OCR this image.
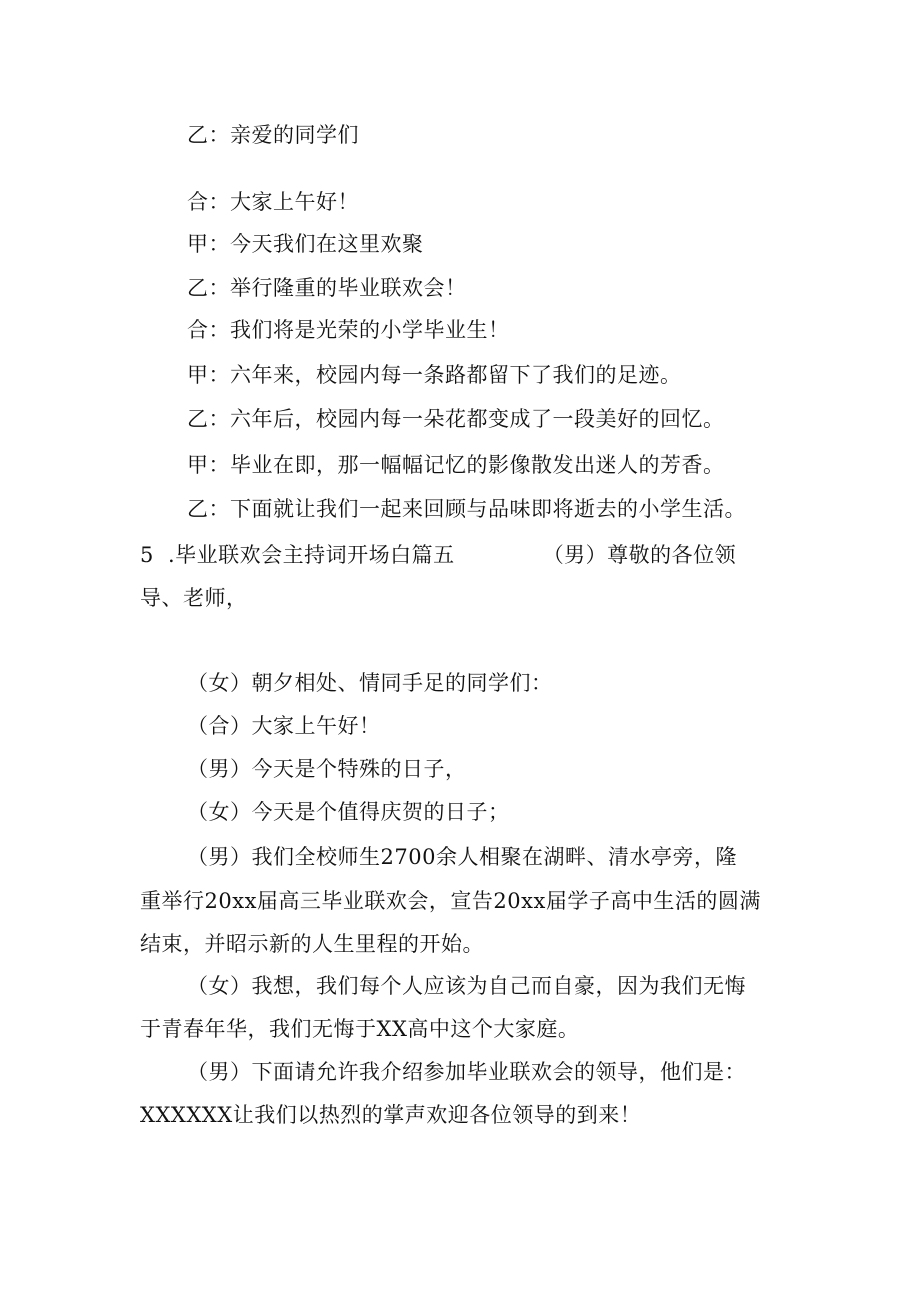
乙：亲爱的同学们
合：大家上午好！
甲：今天我们在这里欢聚
乙：举行隆重的毕业联欢会！
合：我们将是光荣的小学毕业生！
甲：六年来，校园内每一条路都留下了我们的足迹。
乙：六年后，校园内每一朵花都变成了一段美好的回忆。
甲：毕业在即，那一幅幅记忆的影像散发出迷人的芳香。
乙：下面就让我们一起来回顾与品味即将逝去的小学生活。
5 .毕业联欢会主持词开场白篇五	（男）尊敬的各位领
导、老师，
（女）朝夕相处、情同手足的同学们：
（合）大家上午好！
（男）今天是个特殊的日子，
（女）今天是个值得庆贺的日子；
（男）我们全校师生2700余人相聚在湖畔、清水亭旁，隆
重举行20xx届高三毕业联欢会，宣告20xx届学子高中生活的圆满
结束，并昭示新的人生里程的开始。
（女）我想，我们每个人应该为自己而自豪，因为我们无悔
于青春年华，我们无悔于XX高中这个大家庭。
（男）下面请允许我介绍参加毕业联欢会的领导，他们是：
XXXXXX让我们以热烈的掌声欢迎各位领导的到来！
